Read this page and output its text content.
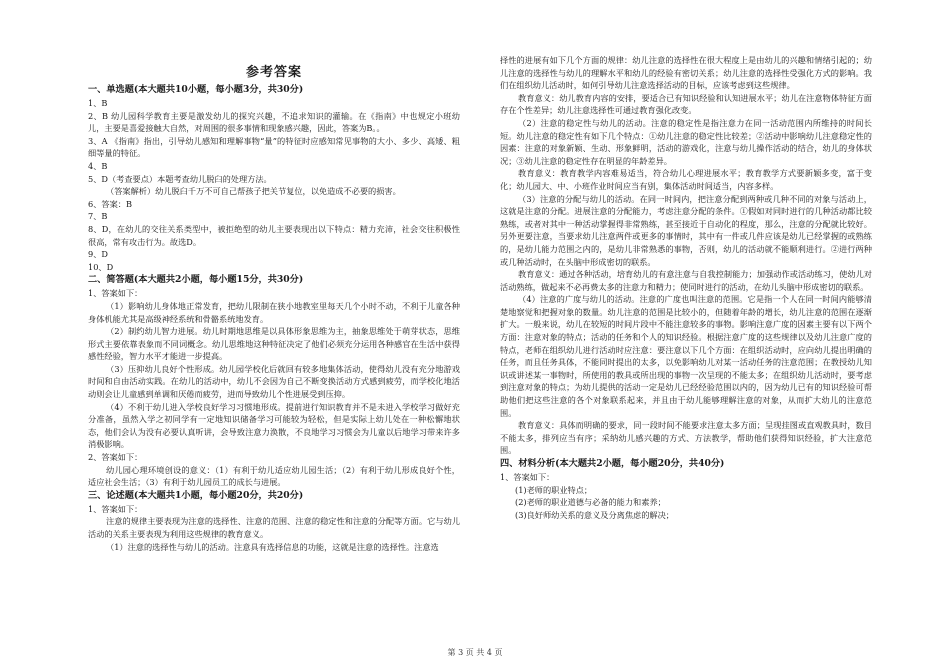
参考答案
一、单选题(本大题共10小题，每小题3分，共30分)
1、B
2、B 幼儿园科学教育主要是激发幼儿的探究兴趣，不追求知识的灌输。在《指南》中也规定小班幼儿，主要是喜爱接触大自然，对周围的很多事情和现象感兴趣，因此，答案为B。。
3、A 《指南》指出，引导幼儿感知和理解事物“量”的特征时应感知常见事物的大小、多少、高矮、粗细等量的特征。
4、B
5、D（考查要点）本题考查幼儿脱臼的处理方法。
（答案解析）幼儿脱臼千万不可自己帮孩子把关节复位，以免造成不必要的损害。
6、答案：B
7、B
8、D，在幼儿的交往关系类型中，被拒绝型的幼儿主要表现出以下特点：精力充沛，社会交往积极性很高，常有攻击行为。故选D。
9、D
10、D
二、简答题(本大题共2小题，每小题15分，共30分)
1、答案如下：
（1）影响幼儿身体地正常发育，把幼儿限制在狭小地教室里每天几个小时不动，不利于儿童各种身体机能尤其是高级神经系统和骨骼系统地发育。
（2）制约幼儿智力进展。幼儿时期地思维是以具体形象思维为主，抽象思维处于萌芽状态，思维形式主要依靠表象而不同词概念。幼儿思维地这种特征决定了他们必须充分运用各种感官在生活中获得感性经验，智力水平才能进一步提高。
（3）压抑幼儿良好个性形成。幼儿园学校化后就回有较多地集体活动，使得幼儿没有充分地游戏时间和自由活动实践。在幼儿的活动中，幼儿不会因为自己不断变换活动方式感到疲劳，而学校化地活动则会让儿童感到单调和厌倦而疲劳，进而导致幼儿个性进展受到压抑。
（4）不利于幼儿进入学校良好学习习惯地形成。提前进行知识教育并不是未进入学校学习做好充分准备，虽然入学之初同学有一定地知识储备学习可能较为轻松，但是实际上幼儿处在一种松懈地状态，他们会认为没有必要认真听讲，会导致注意力涣散，不良地学习习惯会为儿童以后地学习带来许多消极影响。
2、答案如下：
幼儿园心理环境创设的意义：（1）有利于幼儿适应幼儿园生活；（2）有利于幼儿形成良好个性，适应社会生活；（3）有利于幼儿园员工的成长与进展。
三、论述题(本大题共1小题，每小题20分，共20分)
1、答案如下：
注意的规律主要表现为注意的选择性、注意的范围、注意的稳定性和注意的分配等方面。它与幼儿活动的关系主要表现为利用这些规律的教育意义。
（1）注意的选择性与幼儿的活动。注意具有选择信息的功能，这就是注意的选择性。注意选
择性的进展有如下几个方面的规律：幼儿注意的选择性在很大程度上是由幼儿的兴趣和情绪引起的；幼儿注意的选择性与幼儿的理解水平和幼儿的经验有密切关系；幼儿注意的选择性受强化方式的影响。我们在组织幼儿活动时，如何引导幼儿注意选择活动的目标，应该考虑到这些规律。
教育意义：幼儿教育内容的安排，要适合已有知识经验和认知进展水平；幼儿在注意物体特征方面存在个性差异；幼儿注意选择性可通过教育强化改变。
（2）注意的稳定性与幼儿的活动。注意的稳定性是指注意力在同一活动范围内所维持的时间长短。幼儿注意的稳定性有如下几个特点：①幼儿注意的稳定性比较差；②活动中影响幼儿注意稳定性的因素：注意的对象新颖、生动、形象鲜明，活动的游戏化，注意与幼儿操作活动的结合，幼儿的身体状况；③幼儿注意的稳定性存在明显的年龄差异。
教育意义：教育教学内容难易适当，符合幼儿心理进展水平；教育教学方式要新颖多变，富于变化；幼儿园大、中、小班作业时间应当有别，集体活动时间适当，内容多样。
（3）注意的分配与幼儿的活动。在同一时间内，把注意分配到两种或几种不同的对象与活动上，这就是注意的分配。进展注意的分配能力，考虑注意分配的条件。①假如对同时进行的几种活动都比较熟练，或者对其中一种活动掌握得非常熟练，甚至接近于自动化的程度，那么，注意的分配就比较好。另外更要注意，当要求幼儿注意两件或更多的事情时，其中有一件或几件应该是幼儿已经掌握的或熟练的，是幼儿能力范围之内的，是幼儿非常熟悉的事物，否则，幼儿的活动就不能顺利进行。②进行两种或几种活动时，在头脑中形成密切的联系。
教育意义：通过各种活动，培育幼儿的有意注意与自我控制能力；加强动作或活动练习，使幼儿对活动熟练，做起来不必再费太多的注意力和精力；使同时进行的活动，在幼儿头脑中形成密切的联系。
（4）注意的广度与幼儿的活动。注意的广度也叫注意的范围。它是指一个人在同一时间内能够清楚地察觉和把握对象的数量。幼儿注意的范围是比较小的，但随着年龄的增长，幼儿注意的范围在逐渐扩大。一般来说，幼儿在较短的时间片段中不能注意较多的事物。影响注意广度的因素主要有以下两个方面：注意对象的特点；活动的任务和个人的知识经验。根据注意广度的这些规律以及幼儿注意广度的特点，老师在组织幼儿进行活动时应注意：要注意以下几个方面：在组织活动时，应向幼儿提出明确的任务，而且任务具体，不能同时提出的太多，以免影响幼儿对某一活动任务的注意范围；在教授幼儿知识或讲述某一事物时，所使用的教具或所出现的事物一次呈现的不能太多；在组织幼儿活动时，要考虑到注意对象的特点；为幼儿提供的活动一定是幼儿已经经验范围以内的，因为幼儿已有的知识经验可帮助他们把这些注意的各个对象联系起来，并且由于幼儿能够理解注意的对象，从而扩大幼儿的注意范围。
教育意义：具体而明确的要求，同一段时间不能要求注意太多方面；呈现挂图或直观教具时，数目不能太多，排列应当有序；采纳幼儿感兴趣的方式、方法教学，帮助他们获得知识经验，扩大注意范围。
四、材料分析(本大题共2小题，每小题20分，共40分)
1、答案如下：
(1)老师的职业特点；
(2)老师的职业道德与必备的能力和素养；
(3)良好师幼关系的意义及分离焦虑的解决；
第 3 页 共 4 页
